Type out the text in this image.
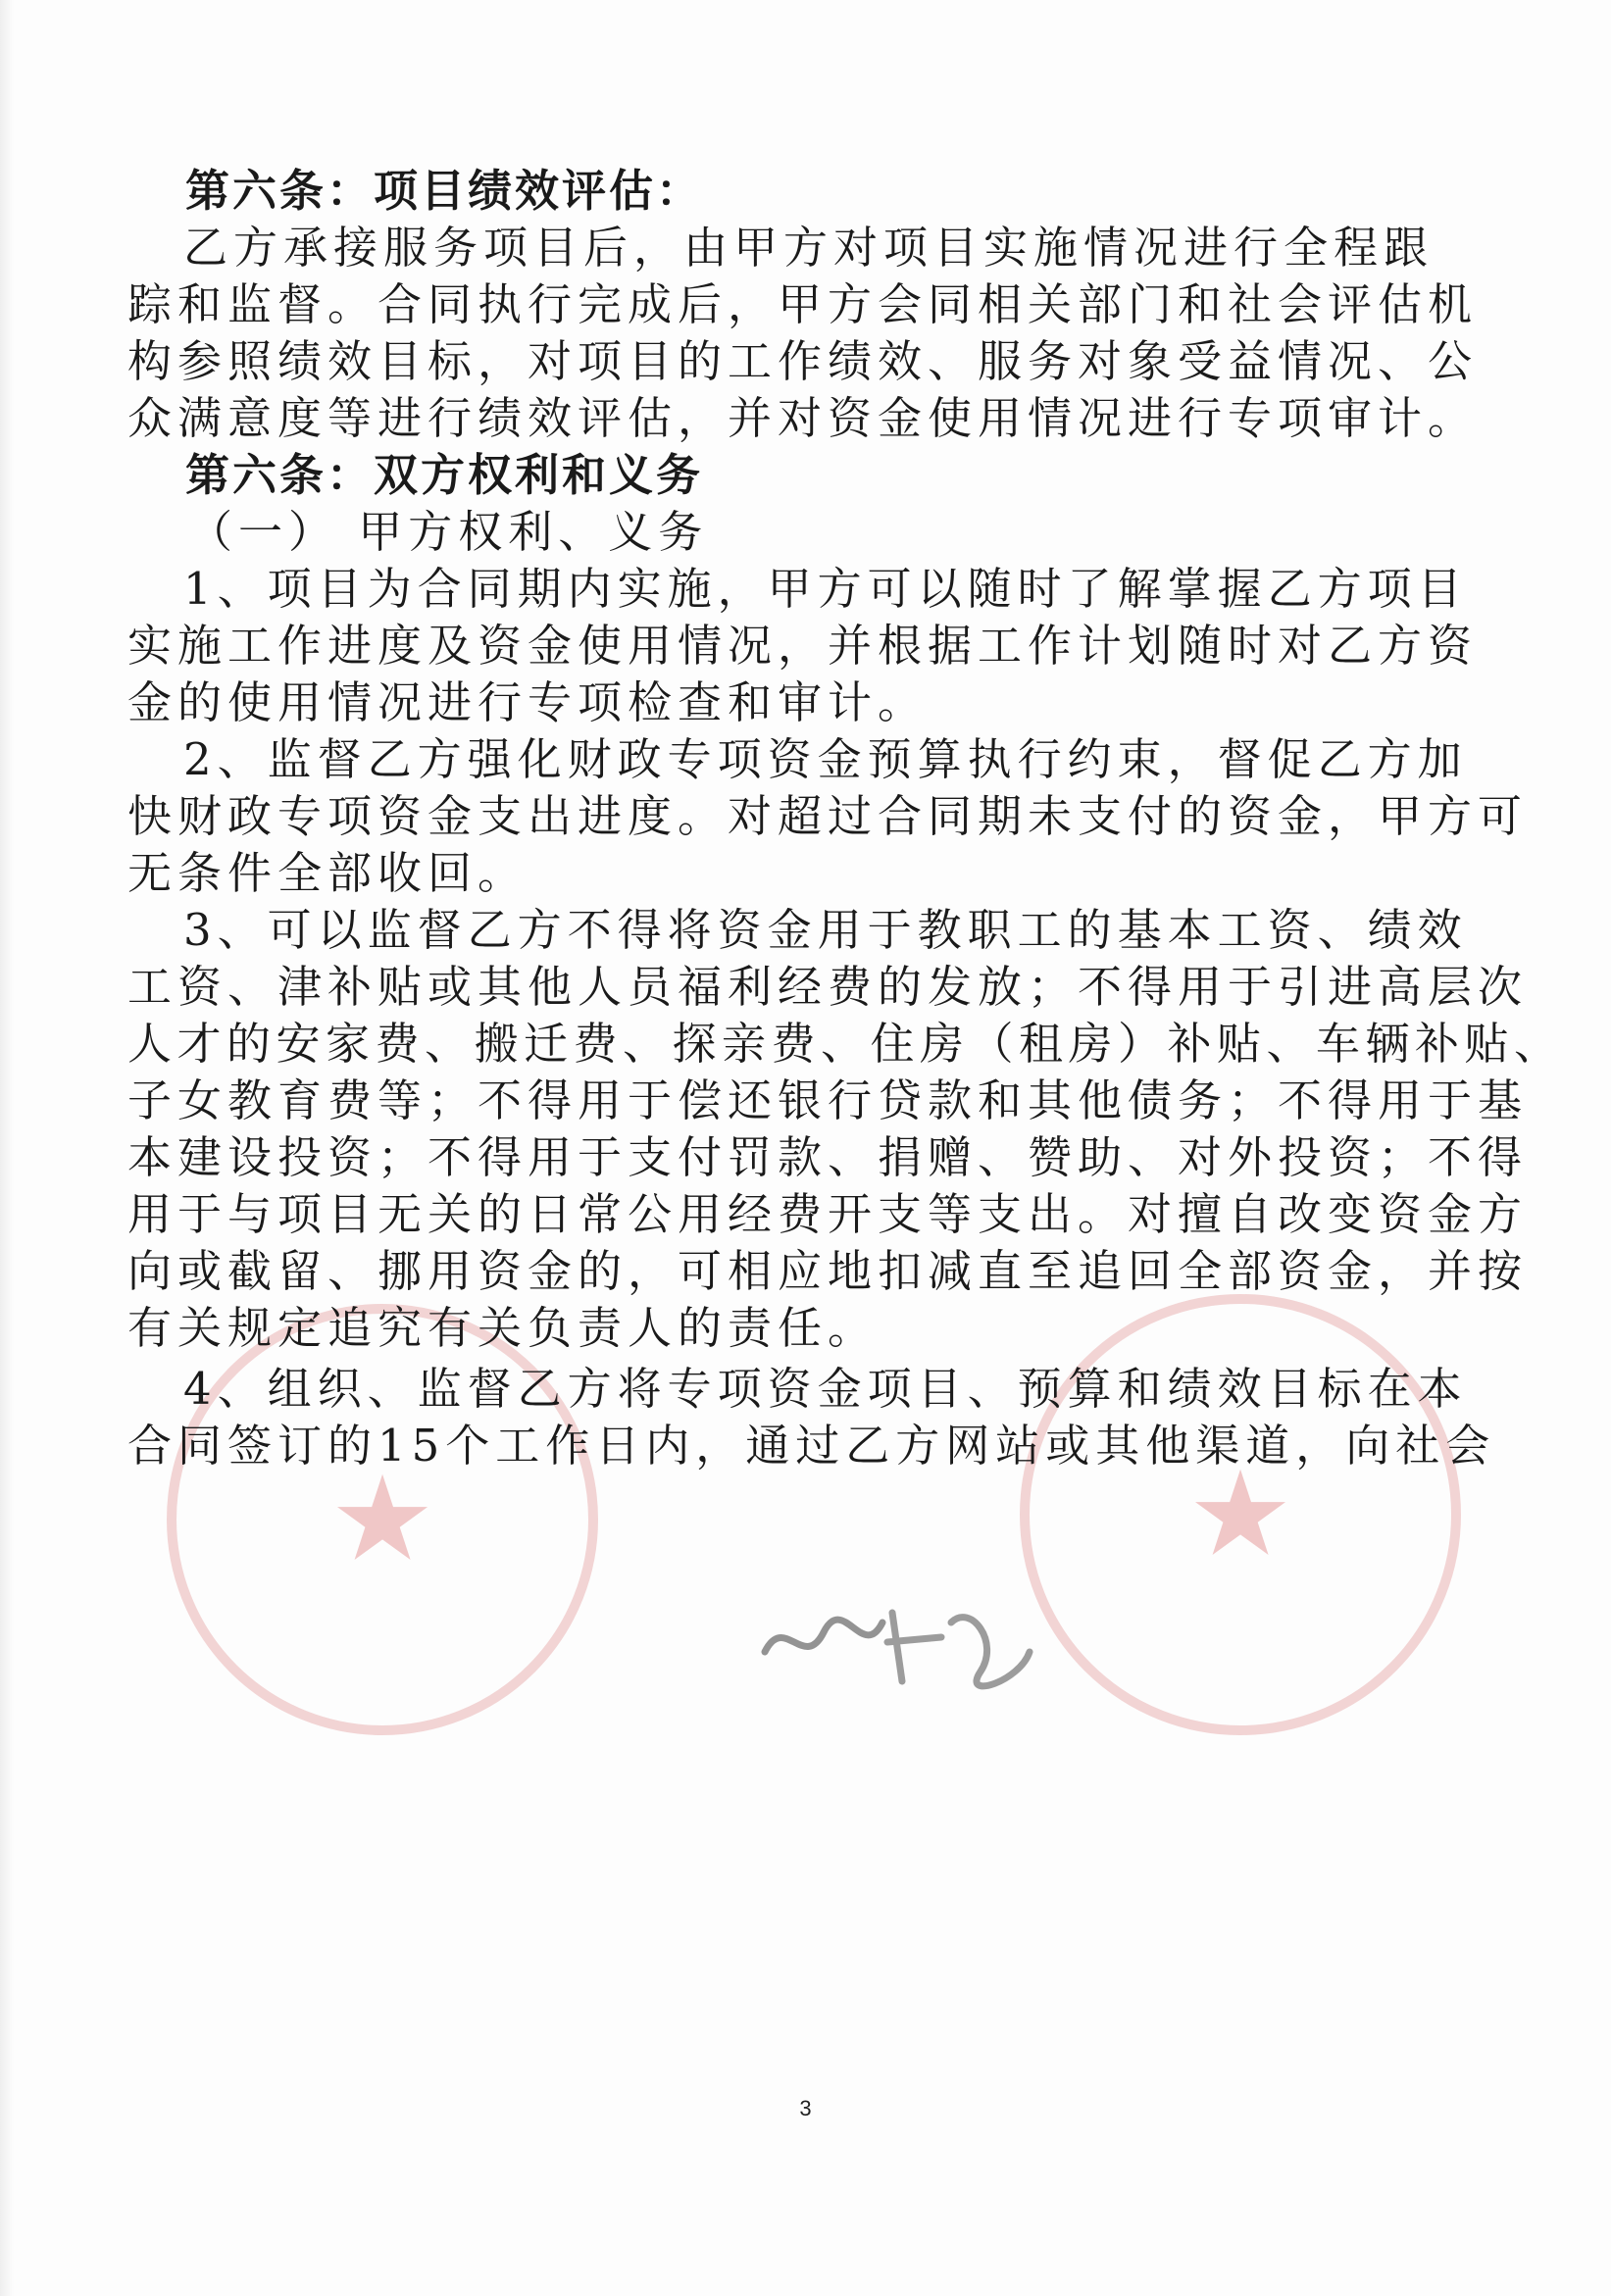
★	★
第六条：项目绩效评估：
乙方承接服务项目后，由甲方对项目实施情况进行全程跟
踪和监督。合同执行完成后，甲方会同相关部门和社会评估机
构参照绩效目标，对项目的工作绩效、服务对象受益情况、公
众满意度等进行绩效评估，并对资金使用情况进行专项审计。
第六条：双方权利和义务
（一） 甲方权利、义务
1、项目为合同期内实施，甲方可以随时了解掌握乙方项目
实施工作进度及资金使用情况，并根据工作计划随时对乙方资
金的使用情况进行专项检查和审计。
2、监督乙方强化财政专项资金预算执行约束，督促乙方加
快财政专项资金支出进度。对超过合同期未支付的资金，甲方可
无条件全部收回。
3、可以监督乙方不得将资金用于教职工的基本工资、绩效
工资、津补贴或其他人员福利经费的发放；不得用于引进高层次
人才的安家费、搬迁费、探亲费、住房（租房）补贴、车辆补贴、
子女教育费等；不得用于偿还银行贷款和其他债务；不得用于基
本建设投资；不得用于支付罚款、捐赠、赞助、对外投资；不得
用于与项目无关的日常公用经费开支等支出。对擅自改变资金方
向或截留、挪用资金的，可相应地扣减直至追回全部资金，并按
有关规定追究有关负责人的责任。
4、组织、监督乙方将专项资金项目、预算和绩效目标在本
合同签订的15个工作日内，通过乙方网站或其他渠道，向社会
3
